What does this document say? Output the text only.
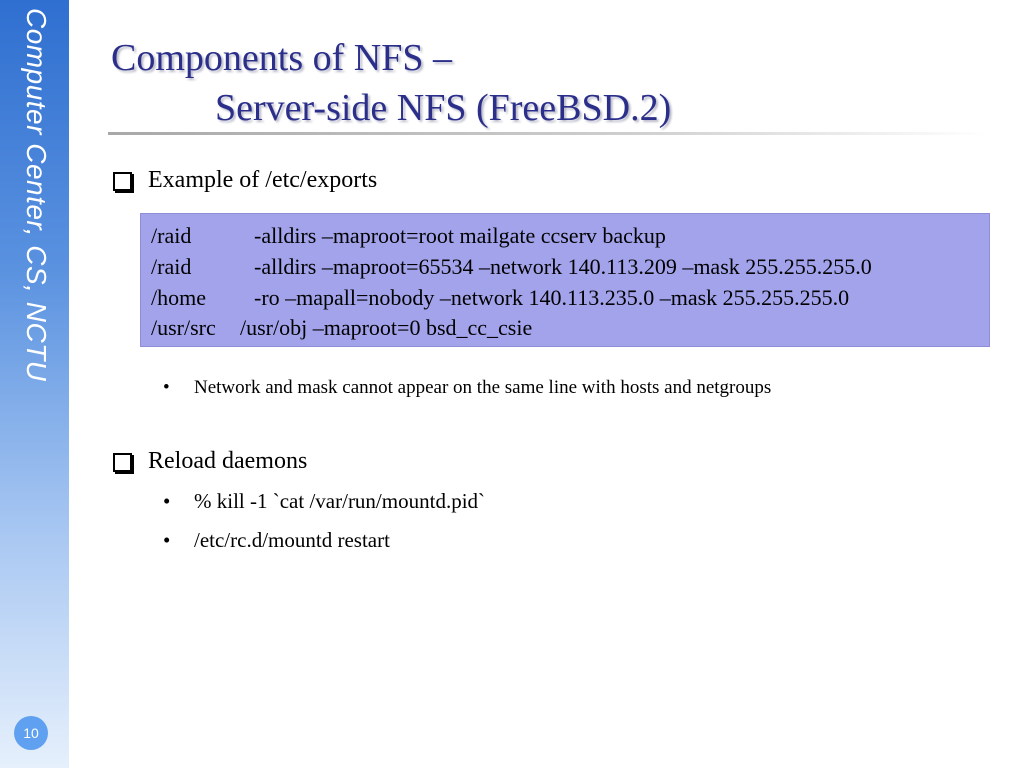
Computer Center, CS, NCTU
10
Components of NFS –
Server-side NFS (FreeBSD.2)
Example of /etc/exports
/raid	-alldirs –maproot=root mailgate ccserv backup
/raid	-alldirs –maproot=65534 –network 140.113.209 –mask 255.255.255.0
/home -ro –mapall=nobody –network 140.113.235.0 –mask 255.255.255.0
/usr/src /usr/obj –maproot=0 bsd_cc_csie
• Network and mask cannot appear on the same line with hosts and netgroups
Reload daemons
• % kill -1 `cat /var/run/mountd.pid`
• /etc/rc.d/mountd restart
